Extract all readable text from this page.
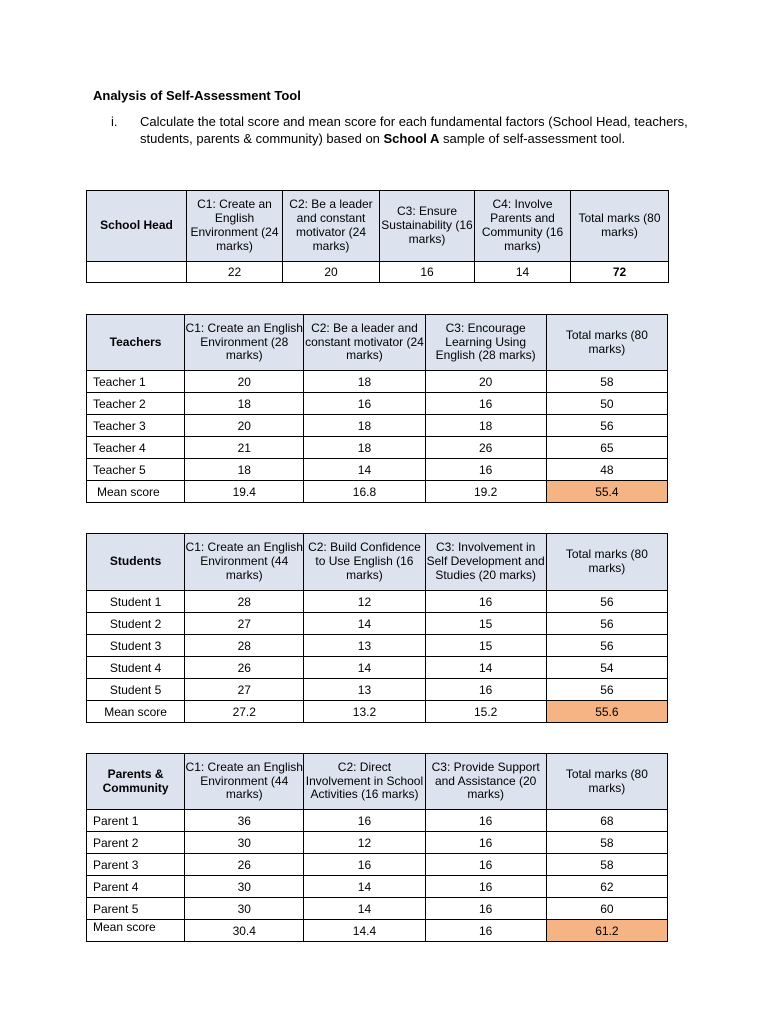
Analysis of Self-Assessment Tool
i. Calculate the total score and mean score for each fundamental factors (School Head, teachers, students, parents & community) based on School A sample of self-assessment tool.
School Head	C1: Create an English Environment (24 marks)	C2: Be a leader and constant motivator (24 marks)	C3: Ensure Sustainability (16 marks)	C4: Involve Parents and Community (16 marks)	Total marks (80 marks)
	22	20	16	14	72
Teachers	C1: Create an English Environment (28 marks)	C2: Be a leader and constant motivator (24 marks)	C3: Encourage Learning Using English (28 marks)	Total marks (80 marks)
Teacher 1	20	18	20	58
Teacher 2	18	16	16	50
Teacher 3	20	18	18	56
Teacher 4	21	18	26	65
Teacher 5	18	14	16	48
Mean score	19.4	16.8	19.2	55.4
Students	C1: Create an English Environment (44 marks)	C2: Build Confidence to Use English (16 marks)	C3: Involvement in Self Development and Studies (20 marks)	Total marks (80 marks)
Student 1	28	12	16	56
Student 2	27	14	15	56
Student 3	28	13	15	56
Student 4	26	14	14	54
Student 5	27	13	16	56
Mean score	27.2	13.2	15.2	55.6
Parents & Community	C1: Create an English Environment (44 marks)	C2: Direct Involvement in School Activities (16 marks)	C3: Provide Support and Assistance (20 marks)	Total marks (80 marks)
Parent 1	36	16	16	68
Parent 2	30	12	16	58
Parent 3	26	16	16	58
Parent 4	30	14	16	62
Parent 5	30	14	16	60
Mean score	30.4	14.4	16	61.2
